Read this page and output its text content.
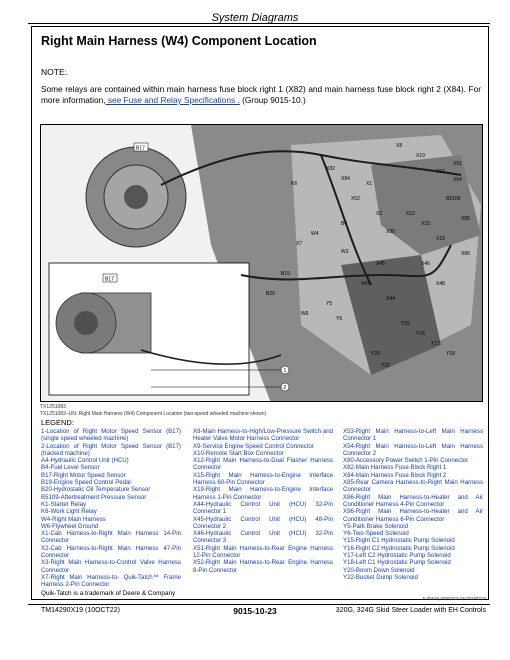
System Diagrams
Right Main Harness (W4) Component Location
NOTE:
Some relays are contained within main harness fuse block right 1 (X82) and main harness fuse block right 2 (X84). For more information, see Fuse and Relay Specifications . (Group 9015-10.)
B17
B17
X8
X10
X53
X51
X54
X52
B4
X90
X45	X46
X47	X48
X44
W3
W4
Y5
Y6
Y15
Y16
Y17
Y18
Y20
Y22
B19
B20
B5109
K6
W6
X1
X2
X7
X12
X15
X19
X82
X84
X85
X86
1
2
TX1251083
TX1251083–UN: Right Main Harness (W4) Component Location (two-speed wheeled machine shown)
LEGEND:
1-Location of Right Motor Speed Sensor (B17) (single speed wheeled machine)
2-Location of Right Motor Speed Sensor (B17) (tracked machine)
A4-Hydraulic Control Unit (HCU)
B4-Fuel Level Sensor
B17-Right Motor Speed Sensor
B19-Engine Speed Control Pedal
B20-Hydrostatic Oil Temperature Sensor
B5109-Aftertreatment Pressure Sensor
K1-Starter Relay
K6-Work Light Relay
W4-Right Main Harness
W6-Flywheel Ground
X1-Cab Harness-to-Right Main Harness 14-Pin Connector
X2-Cab Harness-to-Right Main Harness 47-Pin Connector
X3-Right Main Harness-to-Control Valve Harness Connector
X7-Right Main Harness-to- Quik-Tatch™ Frame Harness 2-Pin Connector
X8-Main Harness-to-High/Low-Pressure Switch and Heater Valve Motor Harness Connector
X9-Service Engine Speed Control Connector
X10-Remote Start Box Connector
X12-Right Main Harness-to-Dual Flasher Harness Connector
X15-Right Main Harness-to-Engine Interface Harness 60-Pin Connector
X19-Right Main Harness-to-Engine Interface Harness 1-Pin Connector
X44-Hydraulic Control Unit (HCU) 32-Pin Connector 1
X45-Hydraulic Control Unit (HCU) 48-Pin Connector 2
X46-Hydraulic Control Unit (HCU) 32-Pin Connector 3
X51-Right Main Harness-to-Rear Engine Harness 12-Pin Connector
X52-Right Main Harness-to-Rear Engine Harness 8-Pin Connector
X53-Right Main Harness-to-Left Main Harness Connector 1
X54-Right Main Harness-to-Left Main Harness Connector 2
X80-Accessory Power Switch 1-Pin Connector
X82-Main Harness Fuse Block Right 1
X84-Main Harness Fuse Block Right 2
X85-Rear Camera Harness-to-Right Main Harness Connector
X86-Right Main Harness-to-Heater and Air Conditioner Harness 4-Pin Connector
X96-Right Main Harness-to-Heater and Air Conditioner Harness 6-Pin Connector
Y5-Park Brake Solenoid
Y6-Two-Speed Solenoid
Y15-Right C1 Hydrostatic Pump Solenoid
Y16-Right C2 Hydrostatic Pump Solenoid
Y17-Left C2 Hydrostatic Pump Solenoid
Y18-Left C1 Hydrostatic Pump Solenoid
Y20-Boom Down Solenoid
Y22-Bucket Dump Solenoid
Quik-Tatch is a trademark of Deere & Company
JL05046,0000323-19-20180219
TM14290X19 (10OCT22)	9015-10-23	320G, 324G Skid Steer Loader with EH Controls
